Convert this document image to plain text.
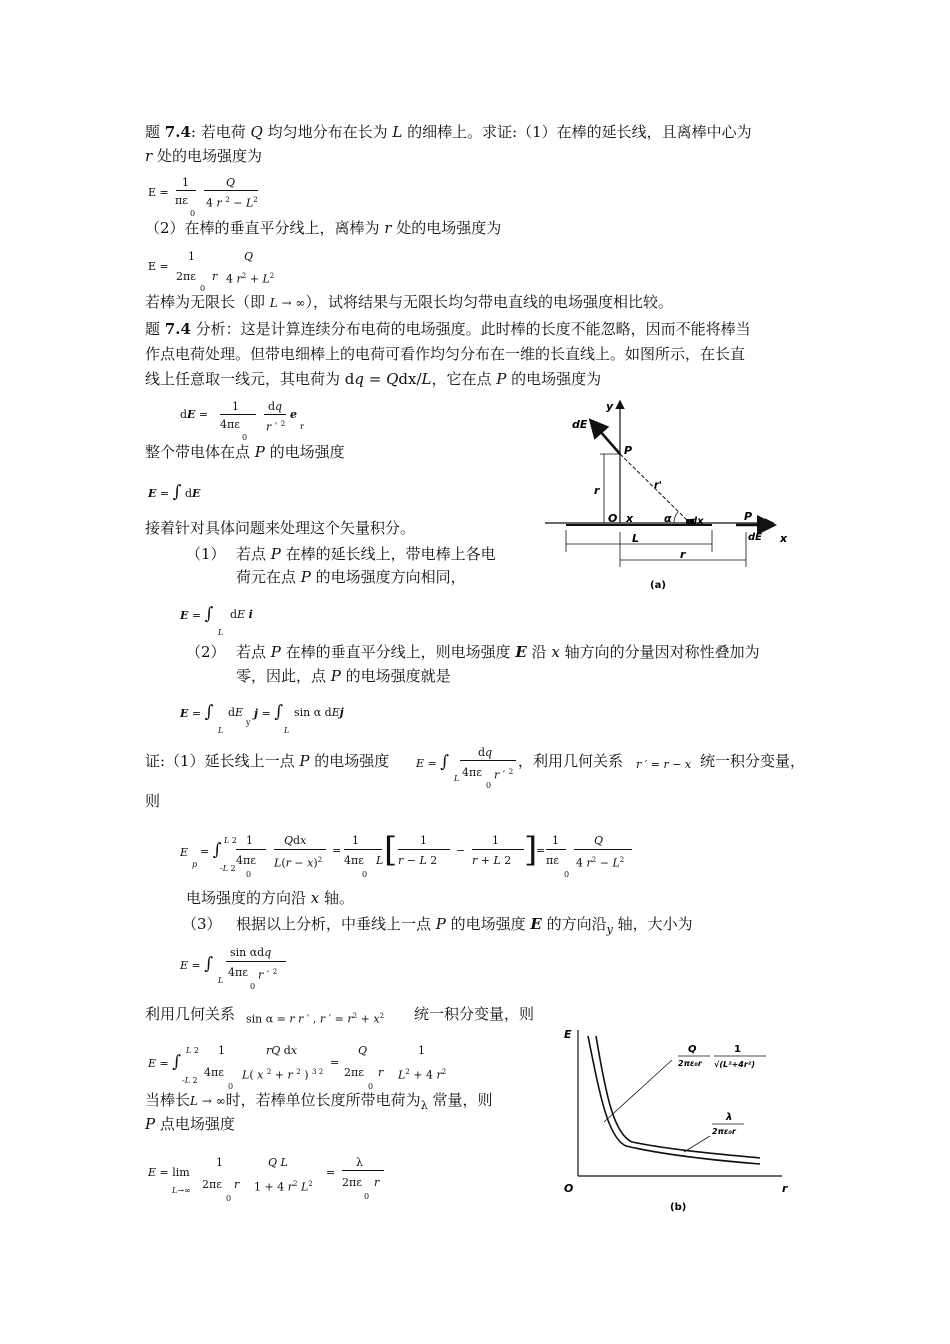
题 7.4: 若电荷 Q 均匀地分布在长为 L 的细棒上。求证:（1）在棒的延长线，且离棒中心为
r 处的电场强度为
E =
1
πε
0
Q
4 r $^2 - L^2$
（2）在棒的垂直平分线上，离棒为 r 处的电场强度为
E =
1
2πε
0
r
Q
4 $r^2 + L^2$
若棒为无限长（即 L → ∞），试将结果与无限长均匀带电直线的电场强度相比较。
题 7.4 分析：这是计算连续分布电荷的电场强度。此时棒的长度不能忽略，因而不能将棒当
作点电荷处理。但带电细棒上的电荷可看作均匀分布在一维的长直线上。如图所示，在长直
线上任意取一线元，其电荷为 dq = Qdx/L，它在点 P 的电场强度为
dE =
1
4πε
0
dq
r ′ $^2$
e
r
整个带电体在点 P 的电场强度
E = ∫ dE
接着针对具体问题来处理这个矢量积分。
（1） 若点 P 在棒的延长线上，带电棒上各电
荷元在点 P 的电场强度方向相同，
E = ∫
L
dE i
（2） 若点 P 在棒的垂直平分线上，则电场强度 E 沿 x 轴方向的分量因对称性叠加为
零，因此，点 P 的电场强度就是
E = ∫
L
dE
y
j = ∫
L
sin α dEj
证:（1）延长线上一点 P 的电场强度 E = ∫
L
dq
4πε
0
r ′ $^2$
，利用几何关系 r ′ = r − x 统一积分变量，
则
E
p
= ∫ L 2
-L 2
1
4πε
0
Qdx
$L(r - x)^2$
=
1
4πε
0
L [ 1
r − L 2
−
1
r + L 2 ]
=
1
πε
0
Q
4 $r^2 - L^2$
电场强度的方向沿 x 轴。
（3） 根据以上分析，中垂线上一点 P 的电场强度 E 的方向沿$_y$ 轴，大小为
E = ∫
L
sin αdq
4πε
0
r ′ $^2$
利用几何关系 sin α = r r ′ , r ′ = $r^2 + x^2$ 统一积分变量，则
E = ∫
L 2
-L 2
1
4πε
0
rQ dx
L( x $^2$ + r $^2$ ) $^{3 2}$
=
Q
2πε
0
r
1
$L^2 + 4$ $r^2$
当棒长L → ∞时，若棒单位长度所带电荷为$_\lambda$ 常量，则
P 点电场强度
E = lim
L→∞
1
2πε
0
r
Q L
1 + 4 $r^2$ $L^2$
=
λ
2πε
0
r
y
x
dE
P
r'
r
O x	α dx	P
dE
L
r
(a)
E
O	r
Q
2πε₀r
1
√(L²+4r²)
λ
2πε₀r
(b)
